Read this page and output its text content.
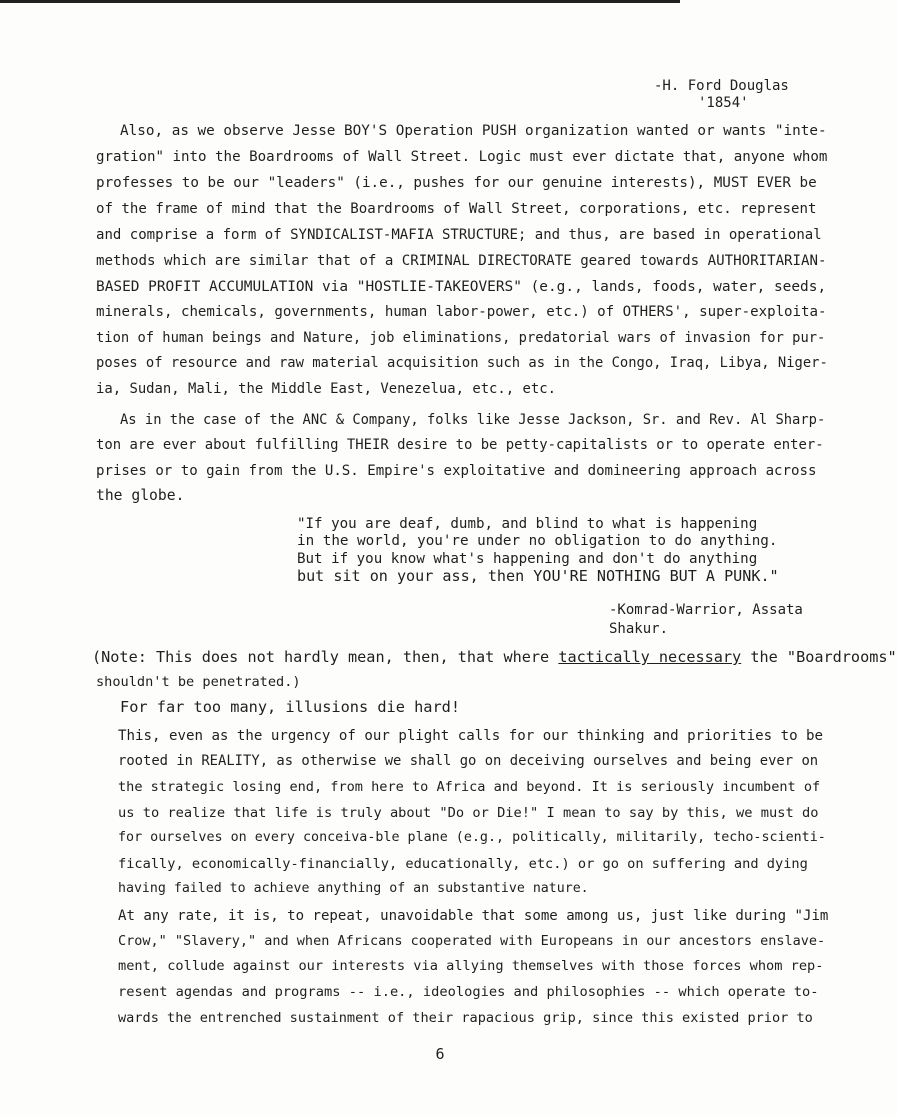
-H. Ford Douglas
'1854'
Also, as we observe Jesse BOY'S Operation PUSH organization wanted or wants "inte-
gration" into the Boardrooms of Wall Street. Logic must ever dictate that, anyone whom
professes to be our "leaders" (i.e., pushes for our genuine interests), MUST EVER be
of the frame of mind that the Boardrooms of Wall Street, corporations, etc. represent
and comprise a form of SYNDICALIST-MAFIA STRUCTURE; and thus, are based in operational
methods which are similar that of a CRIMINAL DIRECTORATE geared towards AUTHORITARIAN-
BASED PROFIT ACCUMULATION via "HOSTLIE-TAKEOVERS" (e.g., lands, foods, water, seeds,
minerals, chemicals, governments, human labor-power, etc.) of OTHERS', super-exploita-
tion of human beings and Nature, job eliminations, predatorial wars of invasion for pur-
poses of resource and raw material acquisition such as in the Congo, Iraq, Libya, Niger-
ia, Sudan, Mali, the Middle East, Venezelua, etc., etc.
As in the case of the ANC & Company, folks like Jesse Jackson, Sr. and Rev. Al Sharp-
ton are ever about fulfilling THEIR desire to be petty-capitalists or to operate enter-
prises or to gain from the U.S. Empire's exploitative and domineering approach across
the globe.
"If you are deaf, dumb, and blind to what is happening
in the world, you're under no obligation to do anything.
But if you know what's happening and don't do anything
but sit on your ass, then YOU'RE NOTHING BUT A PUNK."
-Komrad-Warrior, Assata
Shakur.
(Note: This does not hardly mean, then, that where tactically necessary the "Boardrooms"
shouldn't be penetrated.)
For far too many, illusions die hard!
This, even as the urgency of our plight calls for our thinking and priorities to be
rooted in REALITY, as otherwise we shall go on deceiving ourselves and being ever on
the strategic losing end, from here to Africa and beyond. It is seriously incumbent of
us to realize that life is truly about "Do or Die!" I mean to say by this, we must do
for ourselves on every conceiva-ble plane (e.g., politically, militarily, techo-scienti-
fically, economically-financially, educationally, etc.) or go on suffering and dying
having failed to achieve anything of an substantive nature.
At any rate, it is, to repeat, unavoidable that some among us, just like during "Jim
Crow," "Slavery," and when Africans cooperated with Europeans in our ancestors enslave-
ment, collude against our interests via allying themselves with those forces whom rep-
resent agendas and programs -- i.e., ideologies and philosophies -- which operate to-
wards the entrenched sustainment of their rapacious grip, since this existed prior to
6
